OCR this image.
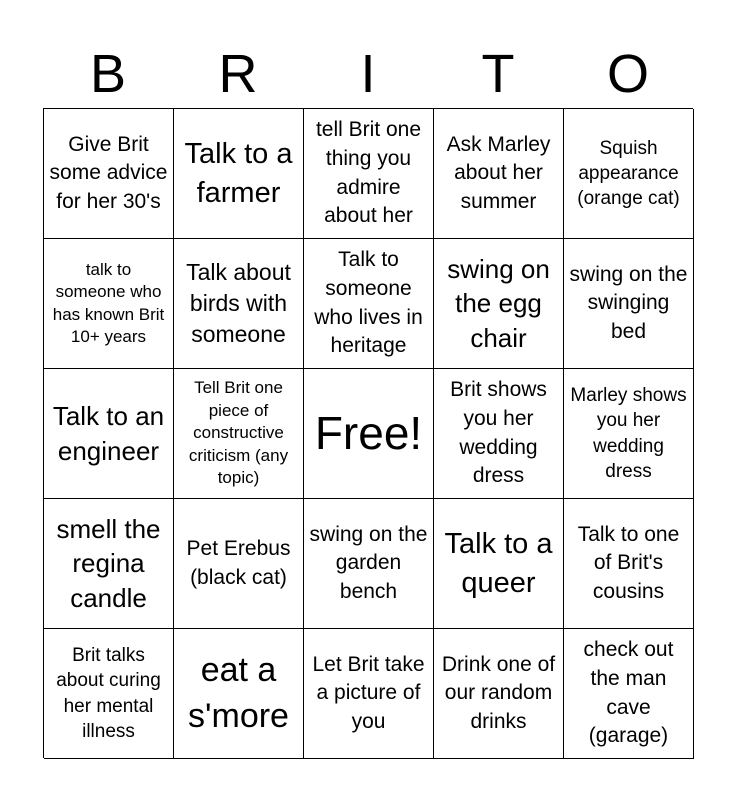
B	R	I	T	O
Give Brit some advice for her 30's
Talk to a farmer
tell Brit one thing you admire about her
Ask Marley about her summer
Squish appearance (orange cat)
talk to someone who has known Brit 10+ years
Talk about birds with someone
Talk to someone who lives in heritage
swing on the egg chair
swing on the swinging bed
Talk to an engineer
Tell Brit one piece of constructive criticism (any topic)
Free!
Brit shows you her wedding dress
Marley shows you her wedding dress
smell the regina candle
Pet Erebus (black cat)
swing on the garden bench
Talk to a queer
Talk to one of Brit's cousins
Brit talks about curing her mental illness
eat a s'more
Let Brit take a picture of you
Drink one of our random drinks
check out the man cave (garage)
